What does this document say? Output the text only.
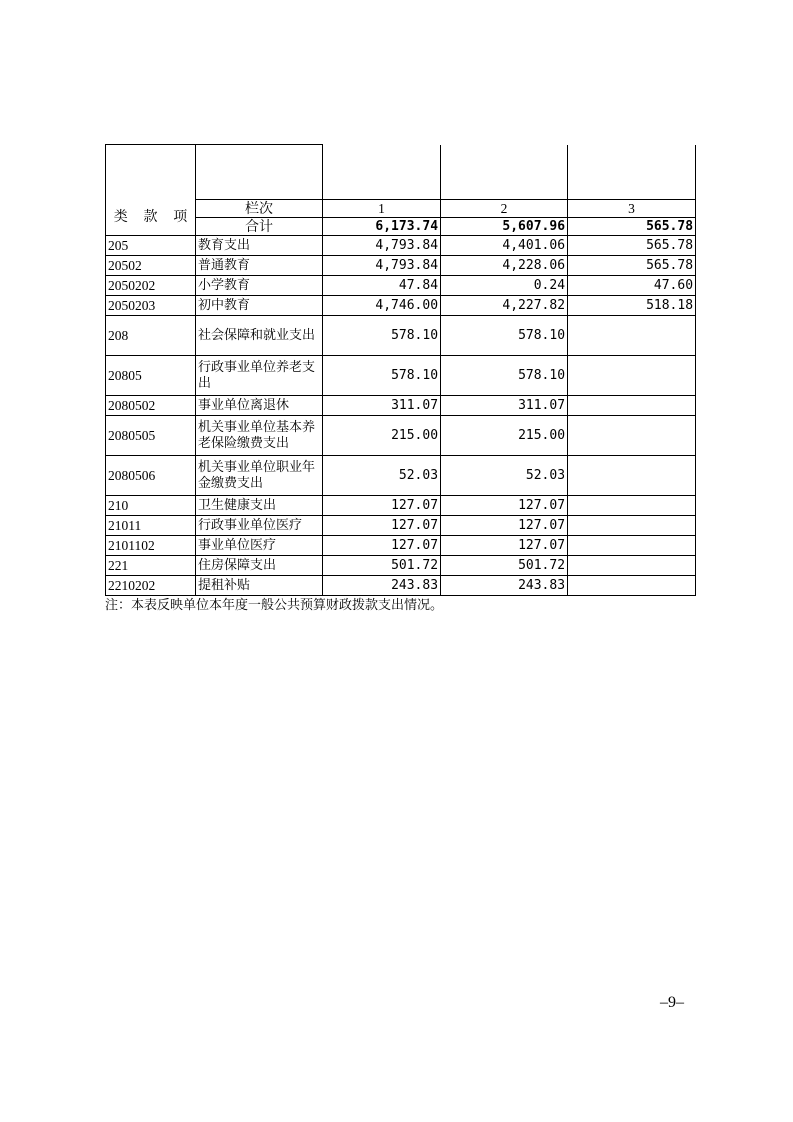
类	款	项	栏次	1	2	3
			合计	6,173.74	5,607.96	565.78
205			教育支出	4,793.84	4,401.06	565.78
20502			普通教育	4,793.84	4,228.06	565.78
2050202			小学教育	47.84	0.24	47.60
2050203			初中教育	4,746.00	4,227.82	518.18
208			社会保障和就业支出	578.10	578.10	
20805			行政事业单位养老支出	578.10	578.10	
2080502			事业单位离退休	311.07	311.07	
2080505			机关事业单位基本养老保险缴费支出	215.00	215.00	
2080506			机关事业单位职业年金缴费支出	52.03	52.03	
210			卫生健康支出	127.07	127.07	
21011			行政事业单位医疗	127.07	127.07	
2101102			事业单位医疗	127.07	127.07	
221			住房保障支出	501.72	501.72	
2210202			提租补贴	243.83	243.83	
注：本表反映单位本年度一般公共预算财政拨款支出情况。
–9–
